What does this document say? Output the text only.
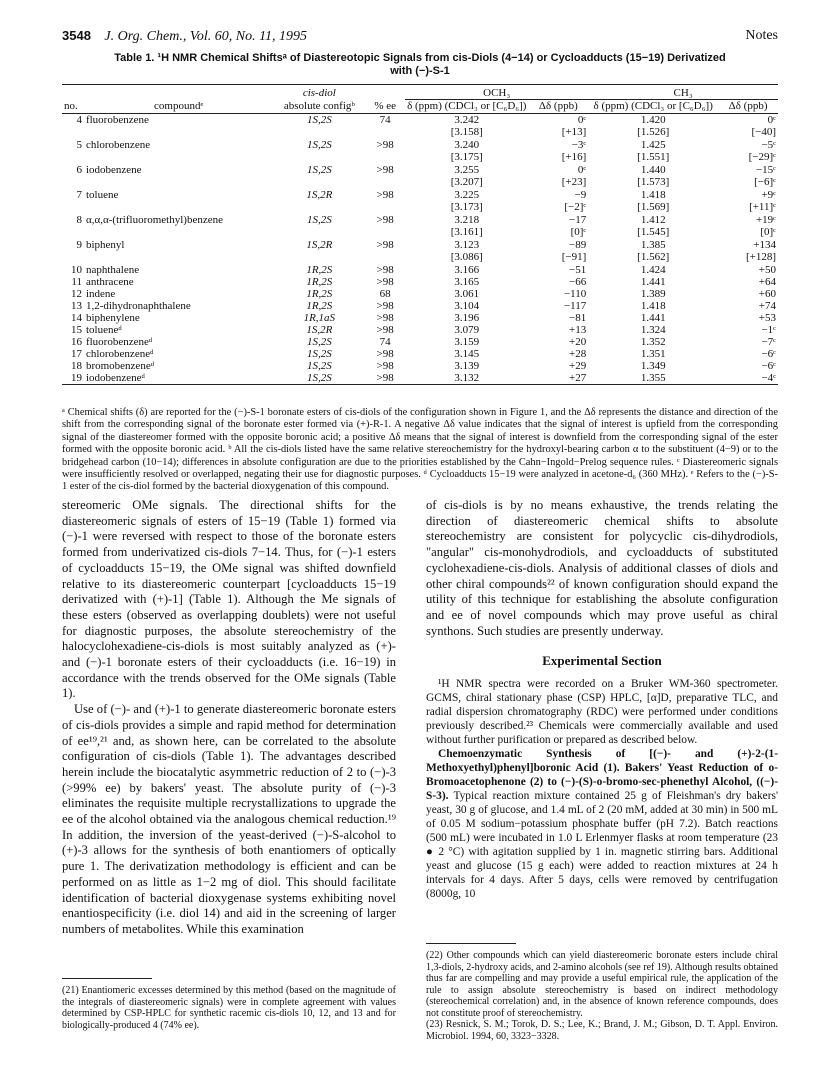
3548 J. Org. Chem., Vol. 60, No. 11, 1995	Notes
Table 1. ¹H NMR Chemical Shiftsᵃ of Diastereotopic Signals from cis-Diols (4−14) or Cycloadducts (15−19) Derivatized
with (−)-S-1
		cis-diol		OCH₃		CH₃	
no.	compoundᵉ	absolute configᵇ	% ee	δ (ppm) (CDCl₃ or [C₆D₆])	Δδ (ppb)	δ (ppm) (CDCl₃ or [C₆D₆])	Δδ (ppb)
4	fluorobenzene	1S,2S	74	3.242	0ᶜ	1.420	0ᶜ
				[3.158]	[+13]	[1.526]	[−40]
5	chlorobenzene	1S,2S	>98	3.240	−3ᶜ	1.425	−5ᶜ
				[3.175]	[+16]	[1.551]	[−29]ᶜ
6	iodobenzene	1S,2S	>98	3.255	0ᶜ	1.440	−15ᶜ
				[3.207]	[+23]	[1.573]	[−6]ᶜ
7	toluene	1S,2R	>98	3.225	−9	1.418	+9ᶜ
				[3.173]	[−2]ᶜ	[1.569]	[+11]ᶜ
8	α,α,α-(trifluoromethyl)benzene	1S,2S	>98	3.218	−17	1.412	+19ᶜ
				[3.161]	[0]ᶜ	[1.545]	[0]ᶜ
9	biphenyl	1S,2R	>98	3.123	−89	1.385	+134
				[3.086]	[−91]	[1.562]	[+128]
10	naphthalene	1R,2S	>98	3.166	−51	1.424	+50
11	anthracene	1R,2S	>98	3.165	−66	1.441	+64
12	indene	1R,2S	68	3.061	−110	1.389	+60
13	1,2-dihydronaphthalene	1R,2S	>98	3.104	−117	1.418	+74
14	biphenylene	1R,1aS	>98	3.196	−81	1.441	+53
15	tolueneᵈ	1S,2R	>98	3.079	+13	1.324	−1ᶜ
16	fluorobenzeneᵈ	1S,2S	74	3.159	+20	1.352	−7ᶜ
17	chlorobenzeneᵈ	1S,2S	>98	3.145	+28	1.351	−6ᶜ
18	bromobenzeneᵈ	1S,2S	>98	3.139	+29	1.349	−6ᶜ
19	iodobenzeneᵈ	1S,2S	>98	3.132	+27	1.355	−4ᶜ
ᵃ Chemical shifts (δ) are reported for the (−)-S-1 boronate esters of cis-diols of the configuration shown in Figure 1, and the Δδ represents the distance and direction of the shift from the corresponding signal of the boronate ester formed via (+)-R-1. A negative Δδ value indicates that the signal of interest is upfield from the corresponding signal of the diastereomer formed with the opposite boronic acid; a positive Δδ means that the signal of interest is downfield from the corresponding signal of the ester formed with the opposite boronic acid. ᵇ All the cis-diols listed have the same relative stereochemistry for the hydroxyl-bearing carbon α to the substituent (4−9) or to the bridgehead carbon (10−14); differences in absolute configuration are due to the priorities established by the Cahn−Ingold−Prelog sequence rules. ᶜ Diastereomeric signals were insufficiently resolved or overlapped, negating their use for diagnostic purposes. ᵈ Cycloadducts 15−19 were analyzed in acetone-d₆ (360 MHz). ᵉ Refers to the (−)-S-1 ester of the cis-diol formed by the bacterial dioxygenation of this compound.

stereomeric OMe signals. The directional shifts for the diastereomeric signals of esters of 15−19 (Table 1) formed via (−)-1 were reversed with respect to those of the boronate esters formed from underivatized cis-diols 7−14. Thus, for (−)-1 esters of cycloadducts 15−19, the OMe signal was shifted downfield relative to its diastereomeric counterpart [cycloadducts 15−19 derivatized with (+)-1] (Table 1). Although the Me signals of these esters (observed as overlapping doublets) were not useful for diagnostic purposes, the absolute stereochemistry of the halocyclohexadiene-cis-diols is most suitably analyzed as (+)- and (−)-1 boronate esters of their cycloadducts (i.e. 16−19) in accordance with the trends observed for the OMe signals (Table 1).

Use of (−)- and (+)-1 to generate diastereomeric boronate esters of cis-diols provides a simple and rapid method for determination of ee¹⁹,²¹ and, as shown here, can be correlated to the absolute configuration of cis-diols (Table 1). The advantages described herein include the biocatalytic asymmetric reduction of 2 to (−)-3 (>99% ee) by bakers' yeast. The absolute purity of (−)-3 eliminates the requisite multiple recrystallizations to upgrade the ee of the alcohol obtained via the analogous chemical reduction.¹⁹ In addition, the inversion of the yeast-derived (−)-S-alcohol to (+)-3 allows for the synthesis of both enantiomers of optically pure 1. The derivatization methodology is efficient and can be performed on as little as 1−2 mg of diol. This should facilitate identification of bacterial dioxygenase systems exhibiting novel enantiospecificity (i.e. diol 14) and aid in the screening of larger numbers of metabolites. While this examination

of cis-diols is by no means exhaustive, the trends relating the direction of diastereomeric chemical shifts to absolute stereochemistry are consistent for polycyclic cis-dihydrodiols, "angular" cis-monohydrodiols, and cycloadducts of substituted cyclohexadiene-cis-diols. Analysis of additional classes of diols and other chiral compounds²² of known configuration should expand the utility of this technique for establishing the absolute configuration and ee of novel compounds which may prove useful as chiral synthons. Such studies are presently underway.

Experimental Section

¹H NMR spectra were recorded on a Bruker WM-360 spectrometer. GCMS, chiral stationary phase (CSP) HPLC, [α]D, preparative TLC, and radial dispersion chromatography (RDC) were performed under conditions previously described.²³ Chemicals were commercially available and used without further purification or prepared as described below.

Chemoenzymatic Synthesis of [(−)- and (+)-2-(1-Methoxyethyl)phenyl]boronic Acid (1). Bakers' Yeast Reduction of o-Bromoacetophenone (2) to (−)-(S)-o-bromo-sec-phenethyl Alcohol, ((−)-S-3). Typical reaction mixture contained 25 g of Fleishman's dry bakers' yeast, 30 g of glucose, and 1.4 mL of 2 (20 mM, added at 30 min) in 500 mL of 0.05 M sodium−potassium phosphate buffer (pH 7.2). Batch reactions (500 mL) were incubated in 1.0 L Erlenmyer flasks at room temperature (23 ● 2 °C) with agitation supplied by 1 in. magnetic stirring bars. Additional yeast and glucose (15 g each) were added to reaction mixtures at 24 h intervals for 4 days. After 5 days, cells were removed by centrifugation (8000g, 10

(21) Enantiomeric excesses determined by this method (based on the magnitude of the integrals of diastereomeric signals) were in complete agreement with values determined by CSP-HPLC for synthetic racemic cis-diols 10, 12, and 13 and for biologically-produced 4 (74% ee).
(22) Other compounds which can yield diastereomeric boronate esters include chiral 1,3-diols, 2-hydroxy acids, and 2-amino alcohols (see ref 19). Although results obtained thus far are compelling and may provide a useful empirical rule, the application of the rule to assign absolute stereochemistry is based on indirect methodology (stereochemical correlation) and, in the absence of known reference compounds, does not constitute proof of stereochemistry.
(23) Resnick, S. M.; Torok, D. S.; Lee, K.; Brand, J. M.; Gibson, D. T. Appl. Environ. Microbiol. 1994, 60, 3323−3328.
